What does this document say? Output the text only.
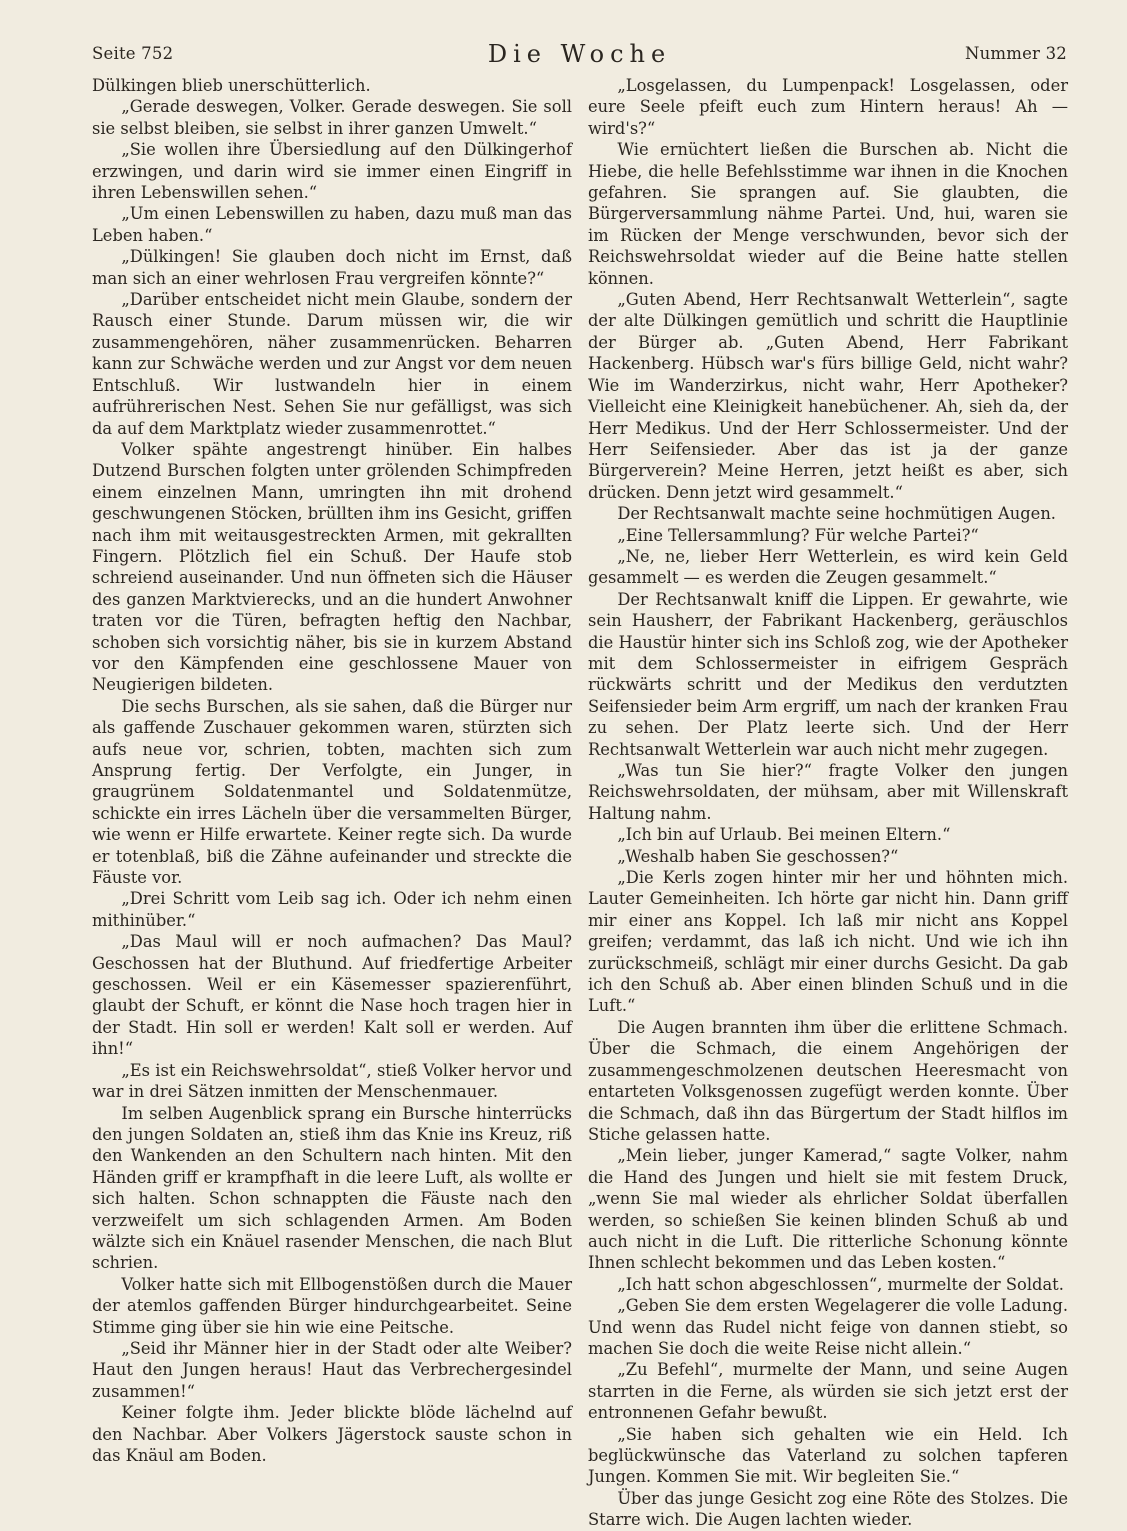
Seite 752	Die Woche	Nummer 32

Dülkingen blieb unerschütterlich.

„Gerade deswegen, Volker. Gerade deswegen. Sie soll sie selbst bleiben, sie selbst in ihrer ganzen Umwelt.“

„Sie wollen ihre Übersiedlung auf den Dülkingerhof erzwingen, und darin wird sie immer einen Eingriff in ihren Lebenswillen sehen.“

„Um einen Lebenswillen zu haben, dazu muß man das Leben haben.“

„Dülkingen! Sie glauben doch nicht im Ernst, daß man sich an einer wehrlosen Frau vergreifen könnte?“

„Darüber entscheidet nicht mein Glaube, sondern der Rausch einer Stunde. Darum müssen wir, die wir zusammengehören, näher zusammenrücken. Beharren kann zur Schwäche werden und zur Angst vor dem neuen Entschluß. Wir lustwandeln hier in einem aufrührerischen Nest. Sehen Sie nur gefälligst, was sich da auf dem Marktplatz wieder zusammenrottet.“

Volker spähte angestrengt hinüber. Ein halbes Dutzend Burschen folgten unter grölenden Schimpfreden einem einzelnen Mann, umringten ihn mit drohend geschwungenen Stöcken, brüllten ihm ins Gesicht, griffen nach ihm mit weitausgestreckten Armen, mit gekrallten Fingern. Plötzlich fiel ein Schuß. Der Haufe stob schreiend auseinander. Und nun öffneten sich die Häuser des ganzen Marktvierecks, und an die hundert Anwohner traten vor die Türen, befragten heftig den Nachbar, schoben sich vorsichtig näher, bis sie in kurzem Abstand vor den Kämpfenden eine geschlossene Mauer von Neugierigen bildeten.

Die sechs Burschen, als sie sahen, daß die Bürger nur als gaffende Zuschauer gekommen waren, stürzten sich aufs neue vor, schrien, tobten, machten sich zum Ansprung fertig. Der Verfolgte, ein Junger, in graugrünem Soldatenmantel und Soldatenmütze, schickte ein irres Lächeln über die versammelten Bürger, wie wenn er Hilfe erwartete. Keiner regte sich. Da wurde er totenblaß, biß die Zähne aufeinander und streckte die Fäuste vor.

„Drei Schritt vom Leib sag ich. Oder ich nehm einen mithinüber.“

„Das Maul will er noch aufmachen? Das Maul? Geschossen hat der Bluthund. Auf friedfertige Arbeiter geschossen. Weil er ein Käsemesser spazierenführt, glaubt der Schuft, er könnt die Nase hoch tragen hier in der Stadt. Hin soll er werden! Kalt soll er werden. Auf ihn!“

„Es ist ein Reichswehrsoldat“, stieß Volker hervor und war in drei Sätzen inmitten der Menschenmauer.

Im selben Augenblick sprang ein Bursche hinterrücks den jungen Soldaten an, stieß ihm das Knie ins Kreuz, riß den Wankenden an den Schultern nach hinten. Mit den Händen griff er krampfhaft in die leere Luft, als wollte er sich halten. Schon schnappten die Fäuste nach den verzweifelt um sich schlagenden Armen. Am Boden wälzte sich ein Knäuel rasender Menschen, die nach Blut schrien.

Volker hatte sich mit Ellbogenstößen durch die Mauer der atemlos gaffenden Bürger hindurchgearbeitet. Seine Stimme ging über sie hin wie eine Peitsche.

„Seid ihr Männer hier in der Stadt oder alte Weiber? Haut den Jungen heraus! Haut das Verbrechergesindel zusammen!“

Keiner folgte ihm. Jeder blickte blöde lächelnd auf den Nachbar. Aber Volkers Jägerstock sauste schon in das Knäul am Boden.

„Losgelassen, du Lumpenpack! Losgelassen, oder eure Seele pfeift euch zum Hintern heraus! Ah — wird's?“

Wie ernüchtert ließen die Burschen ab. Nicht die Hiebe, die helle Befehlsstimme war ihnen in die Knochen gefahren. Sie sprangen auf. Sie glaubten, die Bürgerversammlung nähme Partei. Und, hui, waren sie im Rücken der Menge verschwunden, bevor sich der Reichswehrsoldat wieder auf die Beine hatte stellen können.

„Guten Abend, Herr Rechtsanwalt Wetterlein“, sagte der alte Dülkingen gemütlich und schritt die Hauptlinie der Bürger ab. „Guten Abend, Herr Fabrikant Hackenberg. Hübsch war's fürs billige Geld, nicht wahr? Wie im Wanderzirkus, nicht wahr, Herr Apotheker? Vielleicht eine Kleinigkeit hanebüchener. Ah, sieh da, der Herr Medikus. Und der Herr Schlossermeister. Und der Herr Seifensieder. Aber das ist ja der ganze Bürgerverein? Meine Herren, jetzt heißt es aber, sich drücken. Denn jetzt wird gesammelt.“

Der Rechtsanwalt machte seine hochmütigen Augen.

„Eine Tellersammlung? Für welche Partei?“

„Ne, ne, lieber Herr Wetterlein, es wird kein Geld gesammelt — es werden die Zeugen gesammelt.“

Der Rechtsanwalt kniff die Lippen. Er gewahrte, wie sein Hausherr, der Fabrikant Hackenberg, geräuschlos die Haustür hinter sich ins Schloß zog, wie der Apotheker mit dem Schlossermeister in eifrigem Gespräch rückwärts schritt und der Medikus den verdutzten Seifensieder beim Arm ergriff, um nach der kranken Frau zu sehen. Der Platz leerte sich. Und der Herr Rechtsanwalt Wetterlein war auch nicht mehr zugegen.

„Was tun Sie hier?“ fragte Volker den jungen Reichswehrsoldaten, der mühsam, aber mit Willenskraft Haltung nahm.

„Ich bin auf Urlaub. Bei meinen Eltern.“

„Weshalb haben Sie geschossen?“

„Die Kerls zogen hinter mir her und höhnten mich. Lauter Gemeinheiten. Ich hörte gar nicht hin. Dann griff mir einer ans Koppel. Ich laß mir nicht ans Koppel greifen; verdammt, das laß ich nicht. Und wie ich ihn zurückschmeiß, schlägt mir einer durchs Gesicht. Da gab ich den Schuß ab. Aber einen blinden Schuß und in die Luft.“

Die Augen brannten ihm über die erlittene Schmach. Über die Schmach, die einem Angehörigen der zusammengeschmolzenen deutschen Heeresmacht von entarteten Volksgenossen zugefügt werden konnte. Über die Schmach, daß ihn das Bürgertum der Stadt hilflos im Stiche gelassen hatte.

„Mein lieber, junger Kamerad,“ sagte Volker, nahm die Hand des Jungen und hielt sie mit festem Druck, „wenn Sie mal wieder als ehrlicher Soldat überfallen werden, so schießen Sie keinen blinden Schuß ab und auch nicht in die Luft. Die ritterliche Schonung könnte Ihnen schlecht bekommen und das Leben kosten.“

„Ich hatt schon abgeschlossen“, murmelte der Soldat.

„Geben Sie dem ersten Wegelagerer die volle Ladung. Und wenn das Rudel nicht feige von dannen stiebt, so machen Sie doch die weite Reise nicht allein.“

„Zu Befehl“, murmelte der Mann, und seine Augen starrten in die Ferne, als würden sie sich jetzt erst der entronnenen Gefahr bewußt.

„Sie haben sich gehalten wie ein Held. Ich beglückwünsche das Vaterland zu solchen tapferen Jungen. Kommen Sie mit. Wir begleiten Sie.“

Über das junge Gesicht zog eine Röte des Stolzes. Die Starre wich. Die Augen lachten wieder.
